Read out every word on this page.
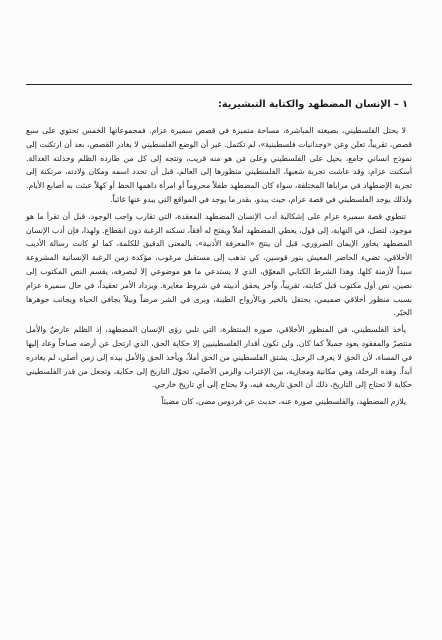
١ – الإنسان المضطهد والكتابة التبشيرية:

لا يحتل الفلسطيني، بصيغته المباشرة، مساحة متميزة في قصص سميرة عزام. فمجموعاتها الخمس تحتوي على سبع قصص، تقريباً، تعلن وعن «وجدانيات فلسطينية»، لم تكتمل. غير أن الوضع الفلسطيني لا يغادر القصص، بعد أن ارتكنت إلى نموذج انساني جامع، يحيل على الفلسطيني وعلى مَن هو منه قريب، وتتجه إلى كل من طارده الظلم وخذلته العدالة. أسكنت عزام، وقد عاشت تجربة شعبها، الفلسطيني منظورها إلى العالم، قبل أن تحدد اسمه ومكان ولادته، مرتكنة إلى تجربة الإضطهاد في مراياها المختلفة، سواء كان المضطهد طفلاً محروماً أو امرأة داهمها الحظ أو كهلاً عبثت به أصابع الأيام. ولذلك يوجد الفلسطيني في قصة عزام، حيث يبدو، بقدر ما يوجد في المواقع التي يبدو عنها غائباً.

تنطوي قصة سميرة عزام على إشكالية أدب الإنسان المضطهد المعقدة، التي تقارب واجب الوجود، قبل أن تقرأ ما هو موجود، لتصل، في النهاية، إلى قول، يعطي المضطهد أملاً ويفتح له أفقاً، تسكنه الرغبة دون انقطاع. ولهذا، فإن أدب الإنسان المضطهد يحاور الإيمان الضروري، قبل أن ينتج «المعرفة الأدبية»، بالمعنى الدقيق للكلمة، كما لو كانت رسالة الأديب الأخلاقي، تضيء الحاضر المعيش بنور قوسين، كي تذهب إلى مستقبل مرغوب، مؤكدة زمن الرغبة الإنسانية المشروعة سيداً لأزمنة كلها. وهذا الشرط الكتابي المعوّق، الذي لا يستدعي ما هو موضوعي إلا ليصرفه، يقسم النص المكتوب إلى نصين، نص أول مكتوب قبل كتابته، تقريباً، وآخر يحقق أدبيته في شروط مغايرة. ويزداد الأمر تعقيداً، في حال سميرة عزام بسبب منظور أخلاقي صميمي، يحتفل بالخير وبالأرواح الطيبة، ويرى في الشر مرضاً وبيلاً يجافي الحياة ويجانب جوهرها الخيّر.

يأخذ الفلسطيني، في المنظور الأخلاقي، صوره المنتظرة، التي تلبي رؤى الإنسان المضطهد، إذ الظلم عارضٌ والأمل منتصرٌ والمفقود يعود جميلاً كما كان. ولن تكون أقدار الفلسطينيين إلا حكاية الحق، الذي ارتحل عن أرضه صباحاً وعاد إليها في المساء، لأن الحق لا يعرف الرحيل. يشتق الفلسطيني من الحق أملاً، ويأخذ الحق والأمل بيده إلى زمن أصلي، لم يغادره أبداً. وهذه الرحلة، وهي مكانية ومجازية، بين الإغتراب والزمن الأصلي، تحوّل التاريخ إلى حكاية، وتجعل من قدر الفلسطيني حكاية لا تحتاج إلى التاريخ، ذلك أن الحق تاريخه فيه، ولا يحتاج إلى أي تاريخ خارجي.

يلازم المضطهد، والفلسطيني صورة عنه، حديث عن فردوس مضى، كان مضيئاً
